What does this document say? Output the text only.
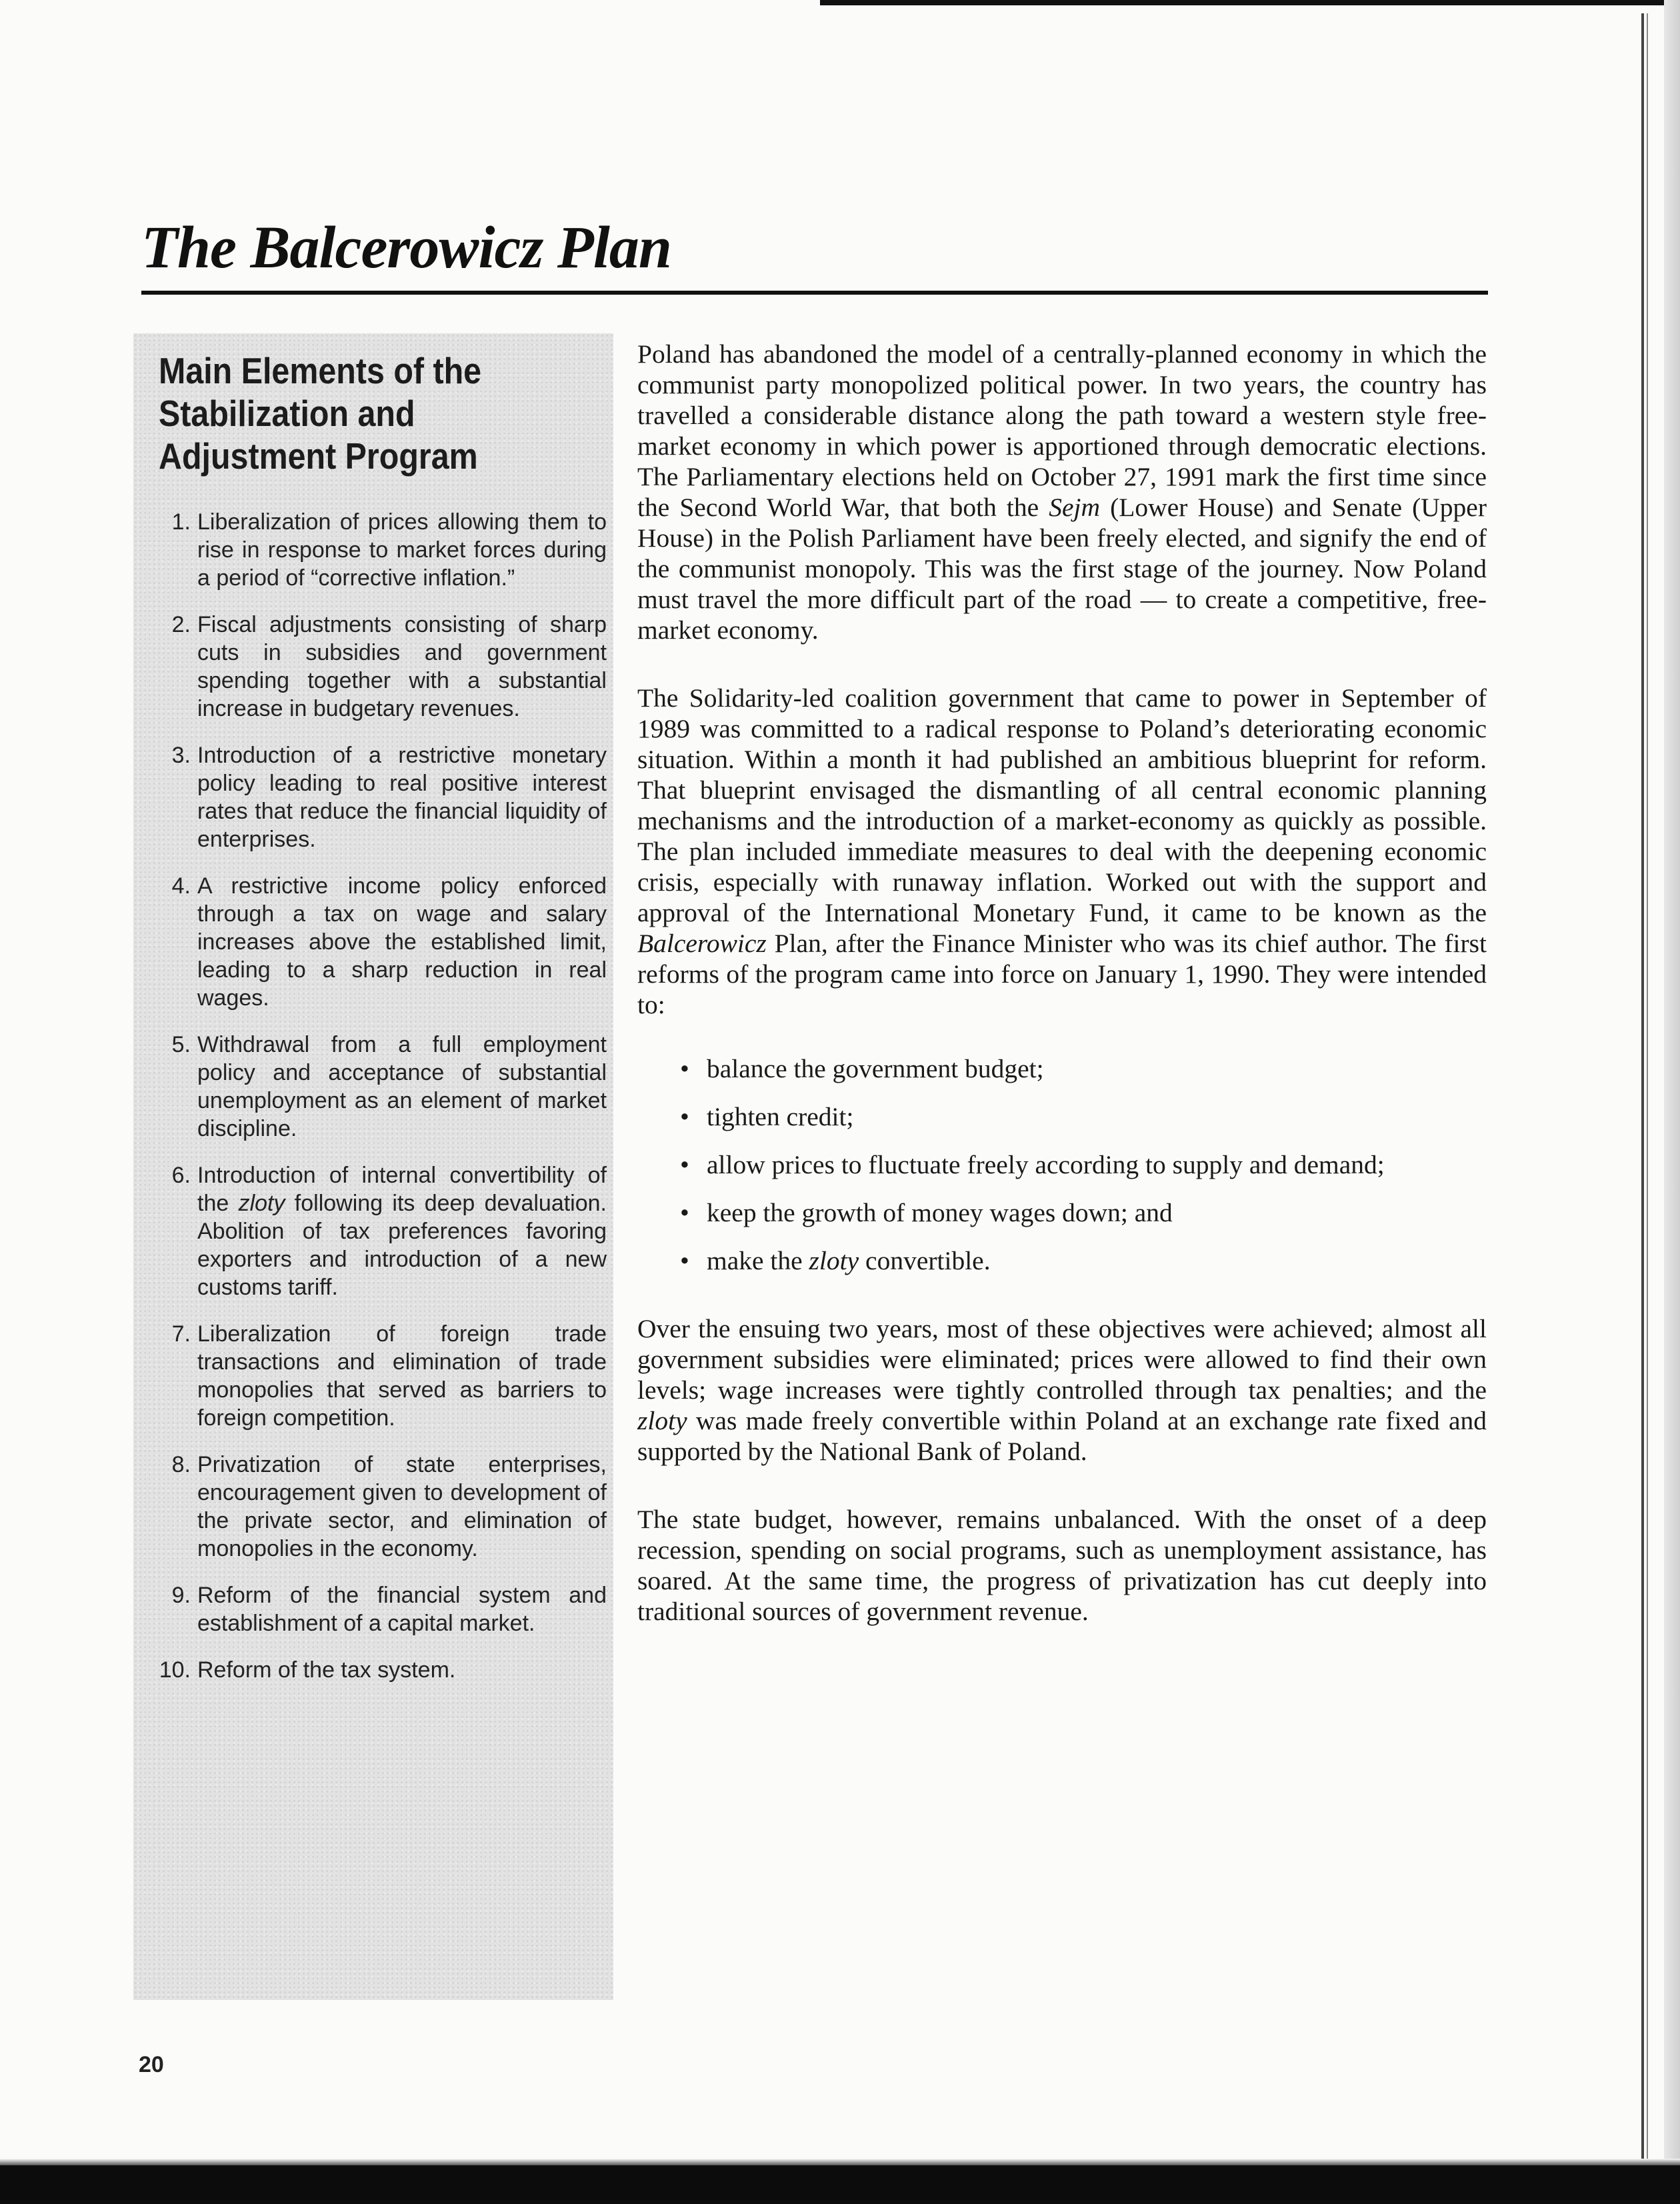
The Balcerowicz Plan
Main Elements of the Stabilization and Adjustment Program
1. Liberalization of prices allowing them to rise in response to market forces during a period of “corrective inflation.”
2. Fiscal adjustments consisting of sharp cuts in subsidies and government spending together with a substantial increase in budgetary revenues.
3. Introduction of a restrictive monetary policy leading to real positive interest rates that reduce the financial liquidity of enterprises.
4. A restrictive income policy enforced through a tax on wage and salary increases above the established limit, leading to a sharp reduction in real wages.
5. Withdrawal from a full employment policy and acceptance of substantial unemployment as an element of market discipline.
6. Introduction of internal convertibility of the zloty following its deep devaluation. Abolition of tax preferences favoring exporters and introduction of a new customs tariff.
7. Liberalization of foreign trade transactions and elimination of trade monopolies that served as barriers to foreign competition.
8. Privatization of state enterprises, encouragement given to development of the private sector, and elimination of monopolies in the economy.
9. Reform of the financial system and establishment of a capital market.
10. Reform of the tax system.

Poland has abandoned the model of a centrally-planned economy in which the communist party monopolized political power. In two years, the country has travelled a considerable distance along the path toward a western style free-market economy in which power is apportioned through democratic elections. The Parliamentary elections held on October 27, 1991 mark the first time since the Second World War, that both the Sejm (Lower House) and Senate (Upper House) in the Polish Parliament have been freely elected, and signify the end of the communist monopoly. This was the first stage of the journey. Now Poland must travel the more difficult part of the road — to create a competitive, free-market economy.

The Solidarity-led coalition government that came to power in September of 1989 was committed to a radical response to Poland’s deteriorating economic situation. Within a month it had published an ambitious blueprint for reform. That blueprint envisaged the dismantling of all central economic planning mechanisms and the introduction of a market-economy as quickly as possible. The plan included immediate measures to deal with the deepening economic crisis, especially with runaway inflation. Worked out with the support and approval of the International Monetary Fund, it came to be known as the Balcerowicz Plan, after the Finance Minister who was its chief author. The first reforms of the program came into force on January 1, 1990. They were intended to:

• balance the government budget;
• tighten credit;
• allow prices to fluctuate freely according to supply and demand;
• keep the growth of money wages down; and
• make the zloty convertible.

Over the ensuing two years, most of these objectives were achieved; almost all government subsidies were eliminated; prices were allowed to find their own levels; wage increases were tightly controlled through tax penalties; and the zloty was made freely convertible within Poland at an exchange rate fixed and supported by the National Bank of Poland.

The state budget, however, remains unbalanced. With the onset of a deep recession, spending on social programs, such as unemployment assistance, has soared. At the same time, the progress of privatization has cut deeply into traditional sources of government revenue.

20
